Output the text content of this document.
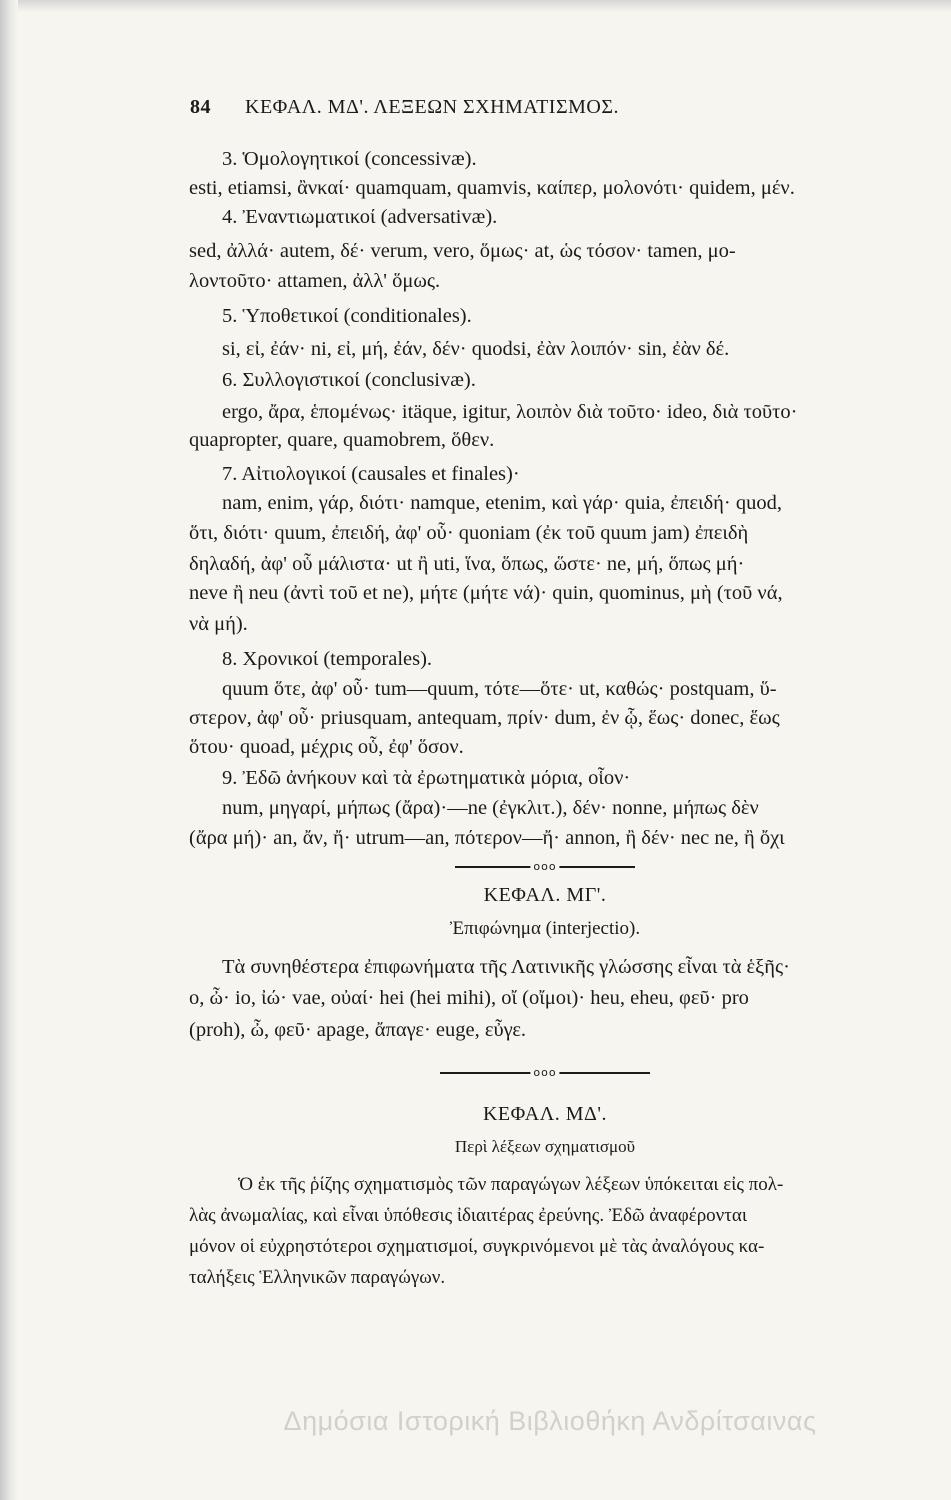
84 ΚΕΦΑΛ. ΜΔ'. ΛΕΞΕΩΝ ΣΧΗΜΑΤΙΣΜΟΣ.
3. Ὁμολογητικοί (concessivæ).
esti, etiamsi, ἂνκαί· quamquam, quamvis, καίπερ, μολονότι· quidem, μέν.
4. Ἐναντιωματικοί (adversativæ).
sed, ἀλλά· autem, δέ· verum, vero, ὅμως· at, ὡς τόσον· tamen, μο-
λοντοῦτο· attamen, ἀλλ' ὅμως.
5. Ὑποθετικοί (conditionales).
si, εἰ, ἐάν· ni, εἰ, μή, ἐάν, δέν· quodsi, ἐὰν λοιπόν· sin, ἐὰν δέ.
6. Συλλογιστικοί (conclusivæ).
ergo, ἄρα, ἑπομένως· itäque, igitur, λοιπὸν διὰ τοῦτο· ideo, διὰ τοῦτο·
quapropter, quare, quamobrem, ὅθεν.
7. Αἰτιολογικοί (causales et finales)·
nam, enim, γάρ, διότι· namque, etenim, καὶ γάρ· quia, ἐπειδή· quod,
ὅτι, διότι· quum, ἐπειδή, ἀφ' οὗ· quoniam (ἐκ τοῦ quum jam) ἐπειδὴ
δηλαδή, ἀφ' οὗ μάλιστα· ut ἢ uti, ἵνα, ὅπως, ὥστε· ne, μή, ὅπως μή·
neve ἢ neu (ἀντὶ τοῦ et ne), μήτε (μήτε νά)· quin, quominus, μὴ (τοῦ νά,
νὰ μή).
8. Χρονικοί (temporales).
quum ὅτε, ἀφ' οὗ· tum—quum, τότε—ὅτε· ut, καθώς· postquam, ὕ-
στερον, ἀφ' οὗ· priusquam, antequam, πρίν· dum, ἐν ᾧ, ἕως· donec, ἕως
ὅτου· quoad, μέχρις οὗ, ἐφ' ὅσον.
9. Ἐδῶ ἀνήκουν καὶ τὰ ἐρωτηματικὰ μόρια, οἷον·
num, μηγαρί, μήπως (ἄρα)·—ne (ἐγκλιτ.), δέν· nonne, μήπως δὲν
(ἄρα μή)· an, ἄν, ἤ· utrum—an, πότερον—ἤ· annon, ἢ δέν· nec ne, ἢ ὄχι
ooo
ΚΕΦΑΛ. ΜΓ'.
Ἐπιφώνημα (interjectio).
Τὰ συνηθέστερα ἐπιφωνήματα τῆς Λατινικῆς γλώσσης εἶναι τὰ ἑξῆς·
o, ὦ· io, ἰώ· vae, οὐαί· hei (hei mihi), οἴ (οἴμοι)· heu, eheu, φεῦ· pro
(proh), ὦ, φεῦ· apage, ἄπαγε· euge, εὖγε.
ooo
ΚΕΦΑΛ. ΜΔ'.
Περὶ λέξεων σχηματισμοῦ
Ὁ ἐκ τῆς ῥίζης σχηματισμὸς τῶν παραγώγων λέξεων ὑπόκειται εἰς πολ-
λὰς ἀνωμαλίας, καὶ εἶναι ὑπόθεσις ἰδιαιτέρας ἐρεύνης. Ἐδῶ ἀναφέρονται
μόνον οἱ εὐχρηστότεροι σχηματισμοί, συγκρινόμενοι μὲ τὰς ἀναλόγους κα-
ταλήξεις Ἑλληνικῶν παραγώγων.
Δημόσια Ιστορική Βιβλιοθήκη Ανδρίτσαινας
